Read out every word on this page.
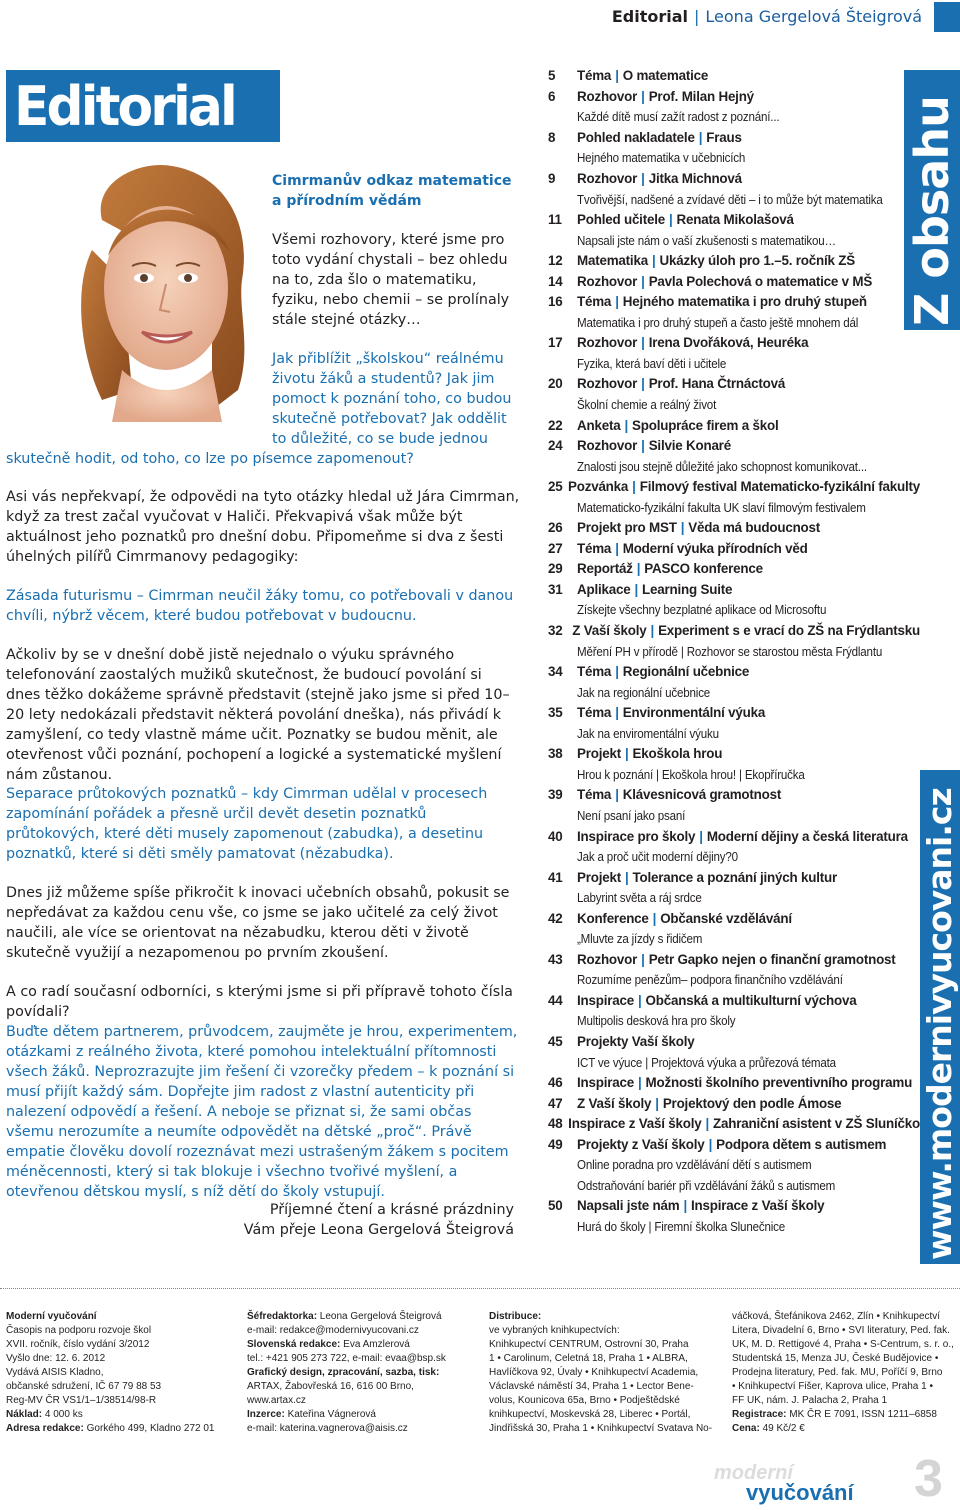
Editorial | Leona Gergelová Šteigrová
Editorial
Cimrmanův odkaz matematice a přírodním vědám
Všemi rozhovory, které jsme pro toto vydání chystali – bez ohledu na to, zda šlo o matematiku, fyziku, nebo chemii – se prolínaly stále stejné otázky…
Jak přiblížit „školskou“ reálnému životu žáků a studentů? Jak jim pomoct k poznání toho, co budou skutečně potřebovat? Jak oddělit to důležité, co se bude jednou
skutečně hodit, od toho, co lze po písemce zapomenout?
Asi vás nepřekvapí, že odpovědi na tyto otázky hledal už Jára Cimrman, když za trest začal vyučovat v Haliči. Překvapivá však může být aktuálnost jeho poznatků pro dnešní dobu. Připomeňme si dva z šesti úhelných pilířů Cimrmanovy pedagogiky:
Zásada futurismu – Cimrman neučil žáky tomu, co potřebovali v danou chvíli, nýbrž věcem, které budou potřebovat v budoucnu.
Ačkoliv by se v dnešní době jistě nejednalo o výuku správného telefonování zaostalých mužiků skutečnost, že budoucí povolání si dnes těžko dokážeme správně představit (stejně jako jsme si před 10–20 lety nedokázali představit některá povolání dneška), nás přivádí k zamyšlení, co tedy vlastně máme učit. Poznatky se budou měnit, ale otevřenost vůči poznání, pochopení a logické a systematické myšlení nám zůstanou.
Separace průtokových poznatků – kdy Cimrman udělal v procesech zapomínání pořádek a přesně určil devět desetin poznatků průtokových, které děti musely zapomenout (zabudka), a desetinu poznatků, které si děti směly pamatovat (nězabudka).
Dnes již můžeme spíše přikročit k inovaci učebních obsahů, pokusit se nepředávat za každou cenu vše, co jsme se jako učitelé za celý život naučili, ale více se orientovat na nězabudku, kterou děti v životě skutečně využijí a nezapomenou po prvním zkoušení.
A co radí současní odborníci, s kterými jsme si při přípravě tohoto čísla povídali?
Buďte dětem partnerem, průvodcem, zaujměte je hrou, experimentem, otázkami z reálného života, které pomohou intelektuální přítomnosti všech žáků. Neprozrazujte jim řešení či vzorečky předem – k poznání si musí přijít každý sám. Dopřejte jim radost z vlastní autenticity při nalezení odpovědí a řešení. A neboje se přiznat si, že sami občas všemu nerozumíte a neumíte odpovědět na dětské „proč“. Právě empatie člověku dovolí rozeznávat mezi ustrašeným žákem s pocitem méněcennosti, který si tak blokuje i všechno tvořivé myšlení, a otevřenou dětskou myslí, s níž dětí do školy vstupují.
Příjemné čtení a krásné prázdniny
Vám přeje Leona Gergelová Šteigrová
5	Téma | O matematice
6	Rozhovor | Prof. Milan Hejný
Každé dítě musí zažít radost z poznání...
8	Pohled nakladatele | Fraus
Hejného matematika v učebnicích
9	Rozhovor | Jitka Michnová
Tvořivější, nadšené a zvídavé děti – i to může být matematika
11	Pohled učitele | Renata Mikolašová
Napsali jste nám o vaší zkušenosti s matematikou…
12	Matematika | Ukázky úloh pro 1.–5. ročník ZŠ
14	Rozhovor | Pavla Polechová o matematice v MŠ
16	Téma | Hejného matematika i pro druhý stupeň
Matematika i pro druhý stupeň a často ještě mnohem dál
17	Rozhovor | Irena Dvořáková, Heuréka
Fyzika, která baví děti i učitele
20	Rozhovor | Prof. Hana Čtrnáctová
Školní chemie a reálný život
22	Anketa | Spolupráce firem a škol
24	Rozhovor | Silvie Konaré
Znalosti jsou stejně důležité jako schopnost komunikovat...
25 Pozvánka | Filmový festival Matematicko-fyzikální fakulty
Matematicko-fyzikální fakulta UK slaví filmovým festivalem
26	Projekt pro MST | Věda má budoucnost
27	Téma | Moderní výuka přírodních věd
29	Reportáž | PASCO konference
31	Aplikace | Learning Suite
Získejte všechny bezplatné aplikace od Microsoftu
32 Z Vaší školy | Experiment s e vrací do ZŠ na Frýdlantsku
Měření PH v přírodě | Rozhovor se starostou města Frýdlantu
34	Téma | Regionální učebnice
Jak na regionální učebnice
35	Téma | Environmentální výuka
Jak na enviromentální výuku
38	Projekt | Ekoškola hrou
Hrou k poznání | Ekoškola hrou! | Ekopříručka
39	Téma | Klávesnicová gramotnost
Není psaní jako psaní
40	Inspirace pro školy | Moderní dějiny a česká literatura
Jak a proč učit moderní dějiny?0
41	Projekt | Tolerance a poznání jiných kultur
Labyrint světa a ráj srdce
42	Konference | Občanské vzdělávání
„Mluvte za jízdy s řidičem
43	Rozhovor | Petr Gapko nejen o finanční gramotnost
Rozumíme penězům– podpora finančního vzdělávání
44	Inspirace | Občanská a multikulturní výchova
Multipolis desková hra pro školy
45	Projekty Vaší školy
ICT ve výuce | Projektová výuka a průřezová témata
46	Inspirace | Možnosti školního preventivního programu
47	Z Vaší školy | Projektový den podle Ámose
48 Inspirace z Vaší školy | Zahraniční asistent v ZŠ Sluníčko
49	Projekty z Vaší školy | Podpora dětem s autismem
Online poradna pro vzdělávání dětí s autismem
Odstraňování bariér při vzdělávání žáků s autismem
50	Napsali jste nám | Inspirace z Vaší školy
Hurá do školy | Firemní školka Slunečnice
Z obsahu
www.modernivyucovani.cz
Moderní vyučování
Časopis na podporu rozvoje škol
XVII. ročník, číslo vydání 3/2012
Vyšlo dne: 12. 6. 2012
Vydává AISIS Kladno,
občanské sdružení, IČ 67 79 88 53
Reg-MV ČR VS1/1–1/38514/98-R
Náklad: 4 000 ks
Adresa redakce: Gorkého 499, Kladno 272 01
Šéfredaktorka: Leona Gergelová Šteigrová
e-mail: redakce@modernivyucovani.cz
Slovenská redakce: Eva Amzlerová
tel.: +421 905 273 722, e-mail: evaa@bsp.sk
Grafický design, zpracování, sazba, tisk:
ARTAX, Žabovřeská 16, 616 00 Brno,
www.artax.cz
Inzerce: Kateřina Vágnerová
e-mail: katerina.vagnerova@aisis.cz
Distribuce:
ve vybraných knihkupectvích:
Knihkupectví CENTRUM, Ostrovní 30, Praha
1 • Carolinum, Celetná 18, Praha 1 • ALBRA,
Havlíčkova 92, Úvaly • Knihkupectví Academia,
Václavské náměstí 34, Praha 1 • Lector Bene-
volus, Kounicova 65a, Brno • Podještědské
knihkupectví, Moskevská 28, Liberec • Portál,
Jindřišská 30, Praha 1 • Knihkupectví Svatava No-
váčková, Štefánikova 2462, Zlín • Knihkupectví
Litera, Divadelní 6, Brno • SVI literatury, Ped. fak.
UK, M. D. Rettigové 4, Praha • S-Centrum, s. r. o.,
Studentská 15, Menza JU, České Budějovice •
Prodejna literatury, Ped. fak. MU, Poříčí 9, Brno
• Knihkupectví Fišer, Kaprova ulice, Praha 1 •
FF UK, nám. J. Palacha 2, Praha 1
Registrace: MK ČR E 7091, ISSN 1211–6858
Cena: 49 Kč/2 €
moderní
vyučování 3
